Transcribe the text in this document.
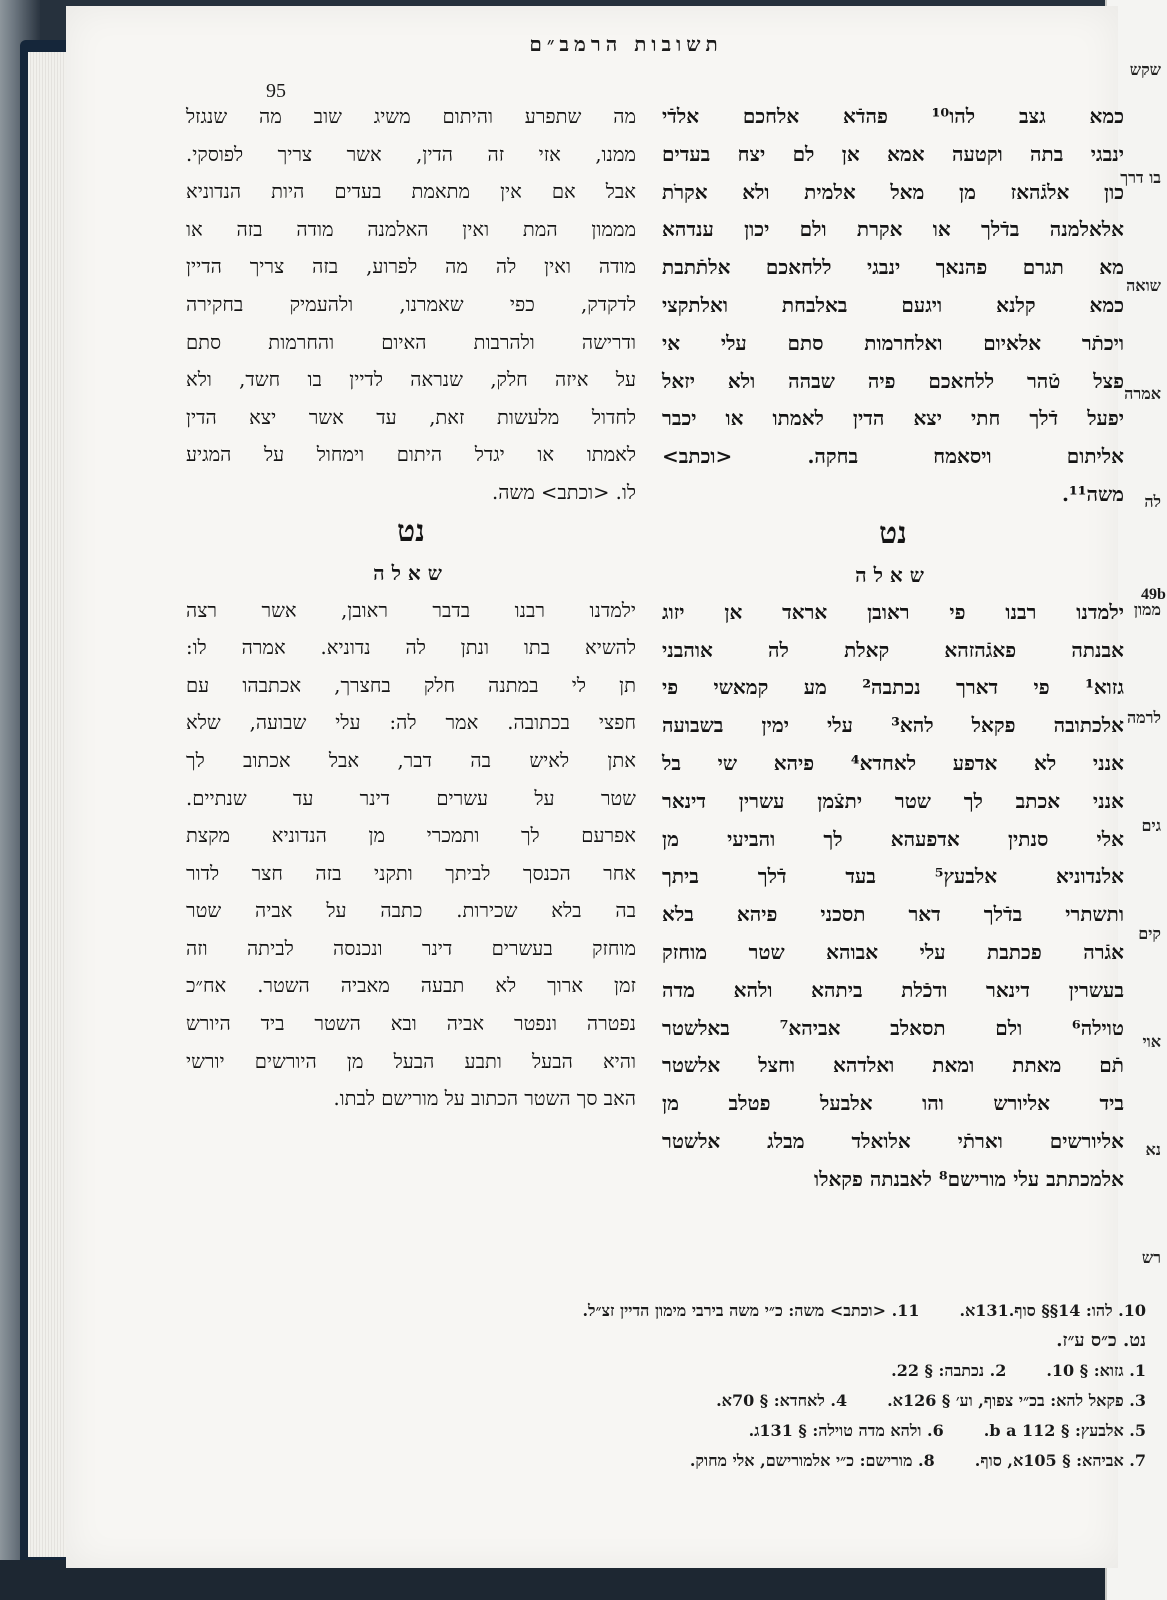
שקש
בו דרך
שואה
אמרה
לה
ממון
לרמה
גים
קים
אוי
נא
רש
תשובות הרמב״ם
95
49b
כמא גצב להו¹⁰ פהדֿא אלחכם אלדֿי
ינבגי בתה וקטעה אמא אן לם יצח בעדים
כון אלגֿהאז מן מאל אלמית ולא אקרֹת
אלאלמנה בדֿלך או אקרת ולם יכון ענדהא
מא תגרם פהנאך ינבגי ללחאכם אלתֿתבת
כמא קלנא ויגעם באלבחת ואלתקצי
ויכתֿר אלאיום ואלחרמות סתם עלי אי
פצל טֿהר ללחאכם פיה שבהה ולא יזאל
יפעל דֿלך חתי יצא הדין לאמתו או יכבר
אליתום ויסאמח בחקה. <וכתב>
משה¹¹.
נט
שאלה
ילמדנו רבנו פי ראובן אראד אן יזוג
אבנתה פאגֿהזהא קאלת לה אוהבני
גזוא¹ פי דארך נכתבה² מע קמאשי פי
אלכתובה פקאל להא³ עלי ימין בשבועה
אנני לא אדפע לאחדא⁴ פיהא שי בל
אנני אכתב לך שטר יתצֿמן עשרין דינאר
אלי סנתין אדפעהא לך והביעי מן
אלנדוניא אלבעץ⁵ בעד דֿלך ביתך
ותשתרי בדֿלך דאר תסכני פיהא בלא
אגֿרה פכתבת עלי אבוהא שטר מוחזק
בעשרין דינאר ודכֿלת ביתהא ולהא מדה
טוילה⁶ ולם תסאלב אביהא⁷ באלשטר
תֿם מאתת ומאת ואלדהא וחצל אלשטר
ביד אליורש והו אלבעל פטלב מן
אליורשים וארתֿי אלואלד מבלג אלשטר
אלמכתתב עלי מורישם⁸ לאבנתה פקאלו
מה שתפרע והיתום משיג שוב מה שנגזל
ממנו, אזי זה הדין, אשר צריך לפוסקי.
אבל אם אין מתאמת בעדים היות הנדוניא
מממון המת ואין האלמנה מודה בזה או
מודה ואין לה מה לפרוע, בזה צריך הדיין
לדקדק, כפי שאמרנו, ולהעמיק בחקירה
ודרישה ולהרבות האיום והחרמות סתם
על איזה חלק, שנראה לדיין בו חשד, ולא
לחדול מלעשות זאת, עד אשר יצא הדין
לאמתו או יגדל היתום וימחול על המגיע
לו. <וכתב> משה.
נט
שאלה
ילמדנו רבנו בדבר ראובן, אשר רצה
להשיא בתו ונתן לה נדוניא. אמרה לו:
תן לי במתנה חלק בחצרך, אכתבהו עם
חפצי בכתובה. אמר לה: עלי שבועה, שלא
אתן לאיש בה דבר, אבל אכתוב לך
שטר על עשרים דינר עד שנתיים.
אפרעם לך ותמכרי מן הנדוניא מקצת
אחר הכנסך לביתך ותקני בזה חצר לדור
בה בלא שכירות. כתבה על אביה שטר
מוחזק בעשרים דינר ונכנסה לביתה וזה
זמן ארוך לא תבעה מאביה השטר. אח״כ
נפטרה ונפטר אביה ובא השטר ביד היורש
והיא הבעל ותבע הבעל מן היורשים יורשי
האב סך השטר הכתוב על מורישם לבתו.
10. להו: 14§§ סוף.131א.
11. <וכתב> משה: כ״י משה בירבי מימון הדיין זצ״ל.
נט. כ״ס ע״ז.
1. גזוא: § 10.
2. נכתבה: § 22.
3. פקאל להא: בכ״י צפוף, וע׳ § 126א.
4. לאחדא: § 70א.
5. אלבעץ: § 112 b a.
6. ולהא מדה טוילה: § 131ג.
7. אביהא: § 105א, סוף.
8. מורישם: כ״י אלמורישם, אלי מחוק.
